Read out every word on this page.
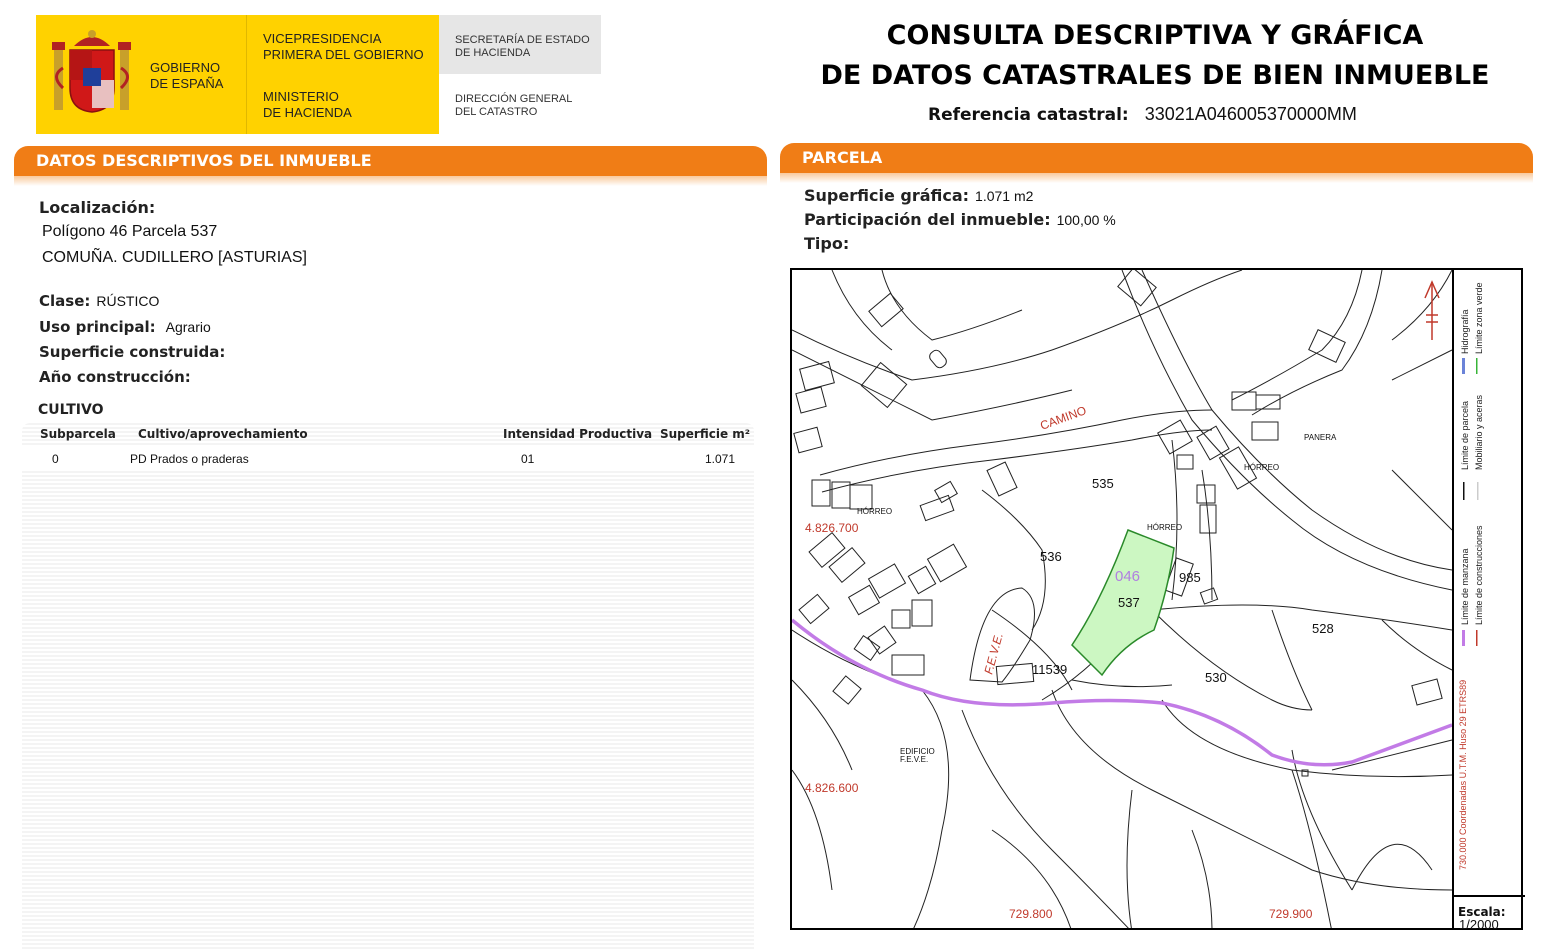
GOBIERNO
DE ESPAÑA
VICEPRESIDENCIA
PRIMERA DEL GOBIERNO
MINISTERIO
DE HACIENDA
SECRETARÍA DE ESTADO
DE HACIENDA
DIRECCIÓN GENERAL
DEL CATASTRO
CONSULTA DESCRIPTIVA Y GRÁFICA
DE DATOS CATASTRALES DE BIEN INMUEBLE
Referencia catastral: 33021A046005370000MM
DATOS DESCRIPTIVOS DEL INMUEBLE
Localización:
Polígono 46 Parcela 537
COMUÑA. CUDILLERO [ASTURIAS]
Clase: RÚSTICO
Uso principal: Agrario
Superficie construida:
Año construcción:
CULTIVO
Subparcela Cultivo/aprovechamiento	Intensidad Productiva Superficie m²
0	PD Prados o praderas	01	1.071
PARCELA
Superficie gráfica: 1.071 m2
Participación del inmueble: 100,00 %
Tipo:
CAMINO
HÓRREO
HÓRREO
HÓRREO
PANERA
F.E.V.E.
F.E.V.E.
EDIFICIO
535
536
537
528
530
11539
985
046
4.826.700
4.826.600
729.800	729.900
Límite de manzana Límite de construcciones
Límite de parcela Mobiliario y aceras
Hidrografía Límite zona verde
730.000 Coordenadas U.T.M. Huso 29 ETRS89
Escala:
1/2000
